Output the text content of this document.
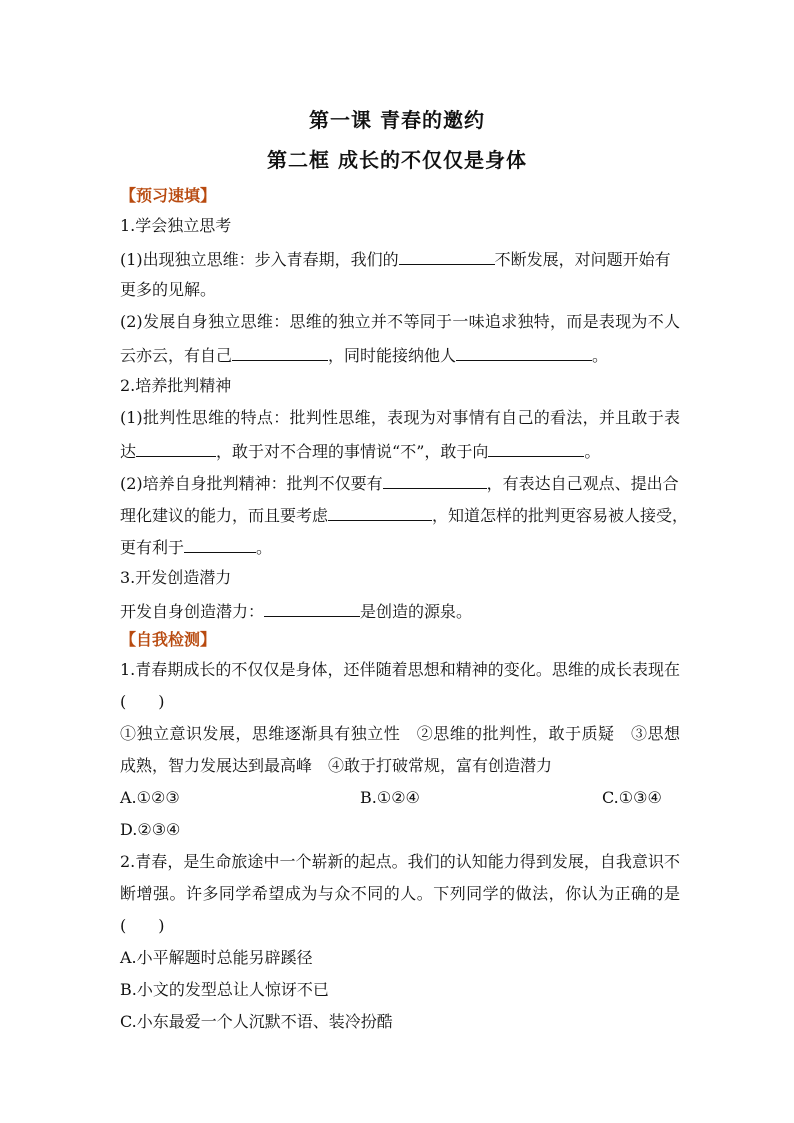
第一课 青春的邀约
第二框 成长的不仅仅是身体
【预习速填】
1.学会独立思考
(1)出现独立思维：步入青春期，我们的	不断发展，对问题开始有
更多的见解。
(2)发展自身独立思维：思维的独立并不等同于一味追求独特，而是表现为不人
云亦云，有自己	，同时能接纳他人	。
2.培养批判精神
(1)批判性思维的特点：批判性思维，表现为对事情有自己的看法，并且敢于表
达	，敢于对不合理的事情说“不”，敢于向	。
(2)培养自身批判精神：批判不仅要有	，有表达自己观点、提出合
理化建议的能力，而且要考虑	，知道怎样的批判更容易被人接受，
更有利于	。
3.开发创造潜力
开发自身创造潜力：	是创造的源泉。
【自我检测】
1.青春期成长的不仅仅是身体，还伴随着思想和精神的变化。思维的成长表现在
(　　)
①独立意识发展，思维逐渐具有独立性　②思维的批判性，敢于质疑　③思想
成熟，智力发展达到最高峰　④敢于打破常规，富有创造潜力
A.①②③	B.①②④	C.①③④
D.②③④
2.青春，是生命旅途中一个崭新的起点。我们的认知能力得到发展，自我意识不
断增强。许多同学希望成为与众不同的人。下列同学的做法，你认为正确的是
(　　)
A.小平解题时总能另辟蹊径
B.小文的发型总让人惊讶不已
C.小东最爱一个人沉默不语、装冷扮酷
